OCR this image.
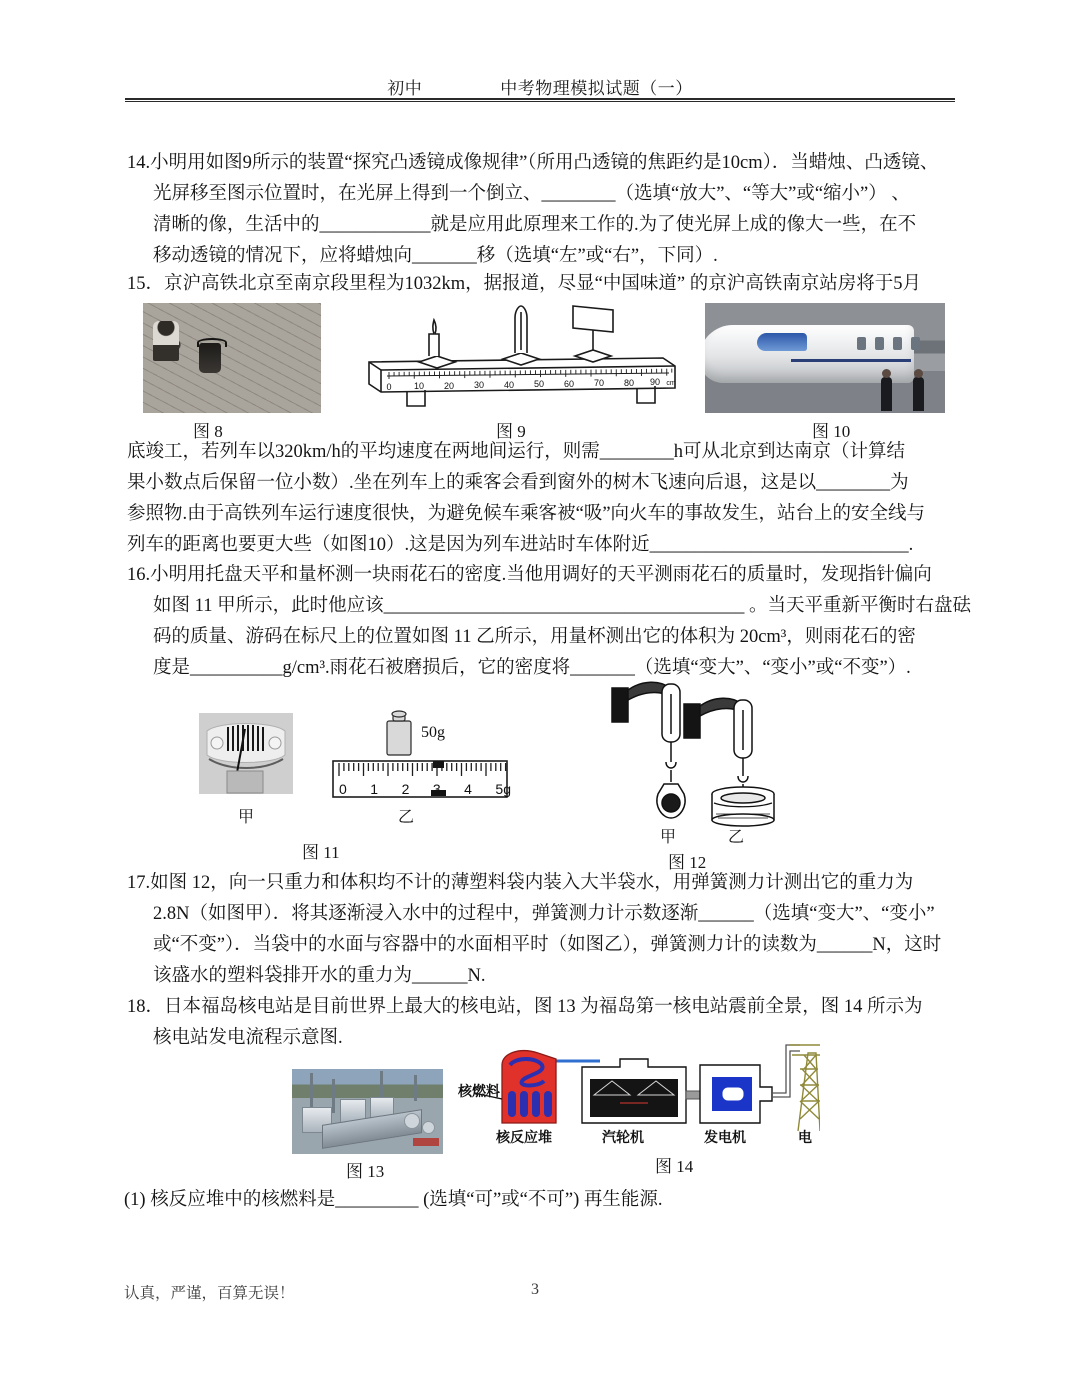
初中	中考物理模拟试题（一）
14.小明用如图9所示的装置“探究凸透镜成像规律”（所用凸透镜的焦距约是10cm）．当蜡烛、凸透镜、
光屏移至图示位置时，在光屏上得到一个倒立、________（选填“放大”、“等大”或“缩小”） 、
清晰的像，生活中的____________就是应用此原理来工作的.为了使光屏上成的像大一些，在不
移动透镜的情况下，应将蜡烛向_______移（选填“左”或“右”，下同）.
15．京沪高铁北京至南京段里程为1032km，据报道，尽显“中国味道” 的京沪高铁南京站房将于5月
图 8
0 10 20 30 40 50 60 70 80 90 cm
图 9	图 10
底竣工，若列车以320km/h的平均速度在两地间运行，则需________h可从北京到达南京（计算结
果小数点后保留一位小数）.坐在列车上的乘客会看到窗外的树木飞速向后退，这是以________为
参照物.由于高铁列车运行速度很快，为避免候车乘客被“吸”向火车的事故发生，站台上的安全线与
列车的距离也要更大些（如图10）.这是因为列车进站时车体附近____________________________.
16.小明用托盘天平和量杯测一块雨花石的密度.当他用调好的天平测雨花石的质量时，发现指针偏向
如图 11 甲所示，此时他应该_______________________________________ 。当天平重新平衡时右盘砝
码的质量、游码在标尺上的位置如图 11 乙所示，用量杯测出它的体积为 20cm³，则雨花石的密
度是__________g/cm³.雨花石被磨损后，它的密度将_______（选填“变大”、“变小”或“不变”）.
甲
50g
0 1 2 3 4 5g
乙
图 11
甲	乙
图 12
17.如图 12，向一只重力和体积均不计的薄塑料袋内装入大半袋水，用弹簧测力计测出它的重力为
2.8N（如图甲）．将其逐渐浸入水中的过程中，弹簧测力计示数逐渐______（选填“变大”、“变小”
或“不变”）．当袋中的水面与容器中的水面相平时（如图乙），弹簧测力计的读数为______N，这时
该盛水的塑料袋排开水的重力为______N.
18．日本福岛核电站是目前世界上最大的核电站，图 13 为福岛第一核电站震前全景，图 14 所示为
核电站发电流程示意图.
图 13
核燃料
核反应堆	汽轮机	发电机	电
图 14
(1) 核反应堆中的核燃料是_________ (选填“可”或“不可”) 再生能源.
认真，严谨，百算无误！	3
